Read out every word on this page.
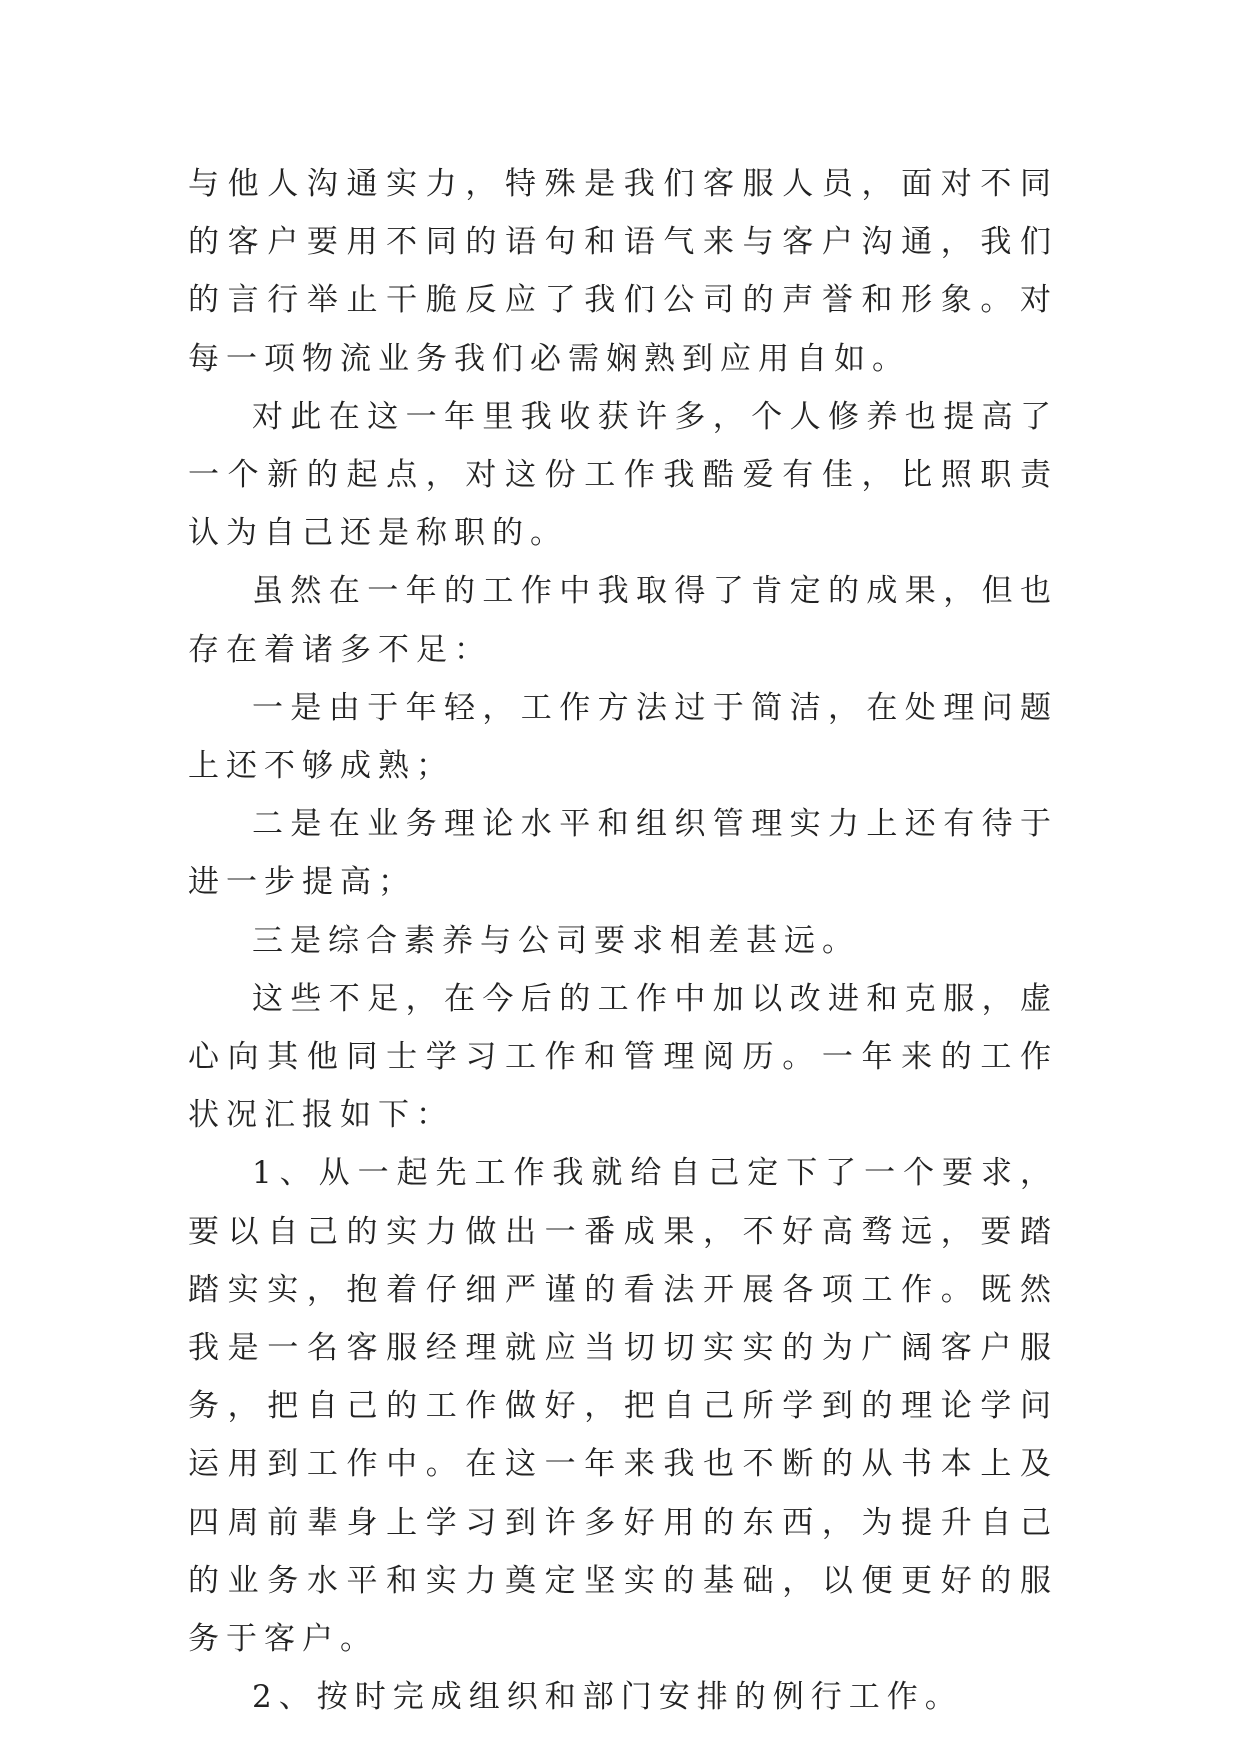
与他人沟通实力，特殊是我们客服人员，面对不同的客户要用不同的语句和语气来与客户沟通，我们的言行举止干脆反应了我们公司的声誉和形象。对每一项物流业务我们必需娴熟到应用自如。

对此在这一年里我收获许多，个人修养也提高了一个新的起点，对这份工作我酷爱有佳，比照职责认为自己还是称职的。

虽然在一年的工作中我取得了肯定的成果，但也存在着诸多不足：

一是由于年轻，工作方法过于简洁，在处理问题上还不够成熟；

二是在业务理论水平和组织管理实力上还有待于进一步提高；

三是综合素养与公司要求相差甚远。

这些不足，在今后的工作中加以改进和克服，虚心向其他同士学习工作和管理阅历。一年来的工作状况汇报如下：

1、从一起先工作我就给自己定下了一个要求，要以自己的实力做出一番成果，不好高骛远，要踏踏实实，抱着仔细严谨的看法开展各项工作。既然我是一名客服经理就应当切切实实的为广阔客户服务，把自己的工作做好，把自己所学到的理论学问运用到工作中。在这一年来我也不断的从书本上及四周前辈身上学习到许多好用的东西，为提升自己的业务水平和实力奠定坚实的基础，以便更好的服务于客户。

2、按时完成组织和部门安排的例行工作。
